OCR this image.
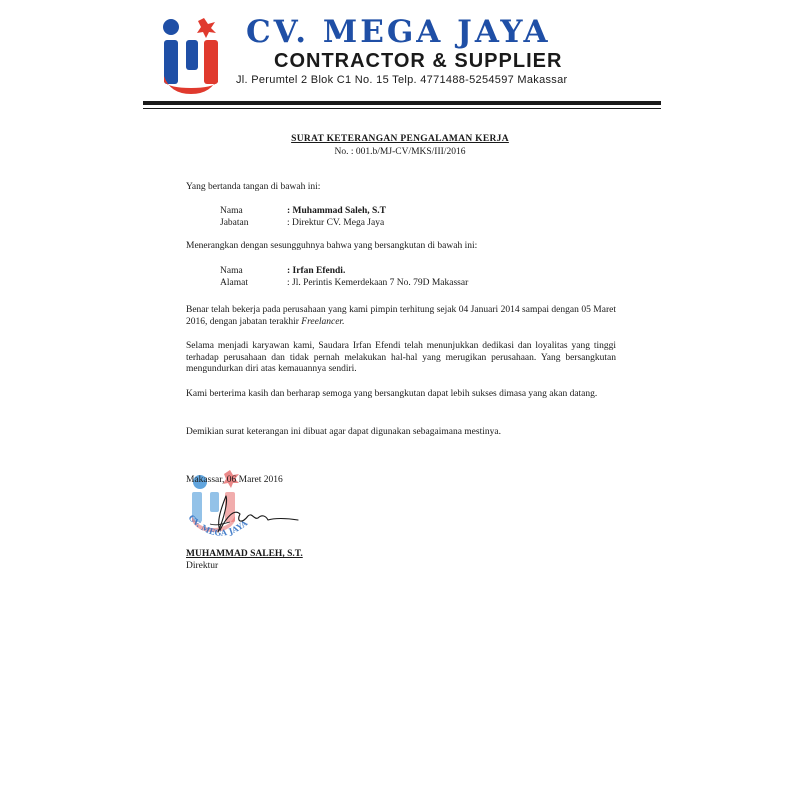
CV. MEGA JAYA
CONTRACTOR & SUPPLIER
Jl. Perumtel 2 Blok C1 No. 15 Telp. 4771488-5254597 Makassar
SURAT KETERANGAN PENGALAMAN KERJA
No. : 001.b/MJ-CV/MKS/III/2016
Yang bertanda tangan di bawah ini:
Nama	: Muhammad Saleh, S.T
Jabatan	: Direktur CV. Mega Jaya
Menerangkan dengan sesungguhnya bahwa yang bersangkutan di bawah ini:
Nama	: Irfan Efendi.
Alamat	: Jl. Perintis Kemerdekaan 7 No. 79D Makassar
Benar telah bekerja pada perusahaan yang kami pimpin terhitung sejak 04 Januari 2014 sampai dengan 05 Maret 2016, dengan jabatan terakhir Freelancer.
Selama menjadi karyawan kami, Saudara Irfan Efendi telah menunjukkan dedikasi dan loyalitas yang tinggi terhadap perusahaan dan tidak pernah melakukan hal-hal yang merugikan perusahaan. Yang bersangkutan mengundurkan diri atas kemauannya sendiri.
Kami berterima kasih dan berharap semoga yang bersangkutan dapat lebih sukses dimasa yang akan datang.
Demikian surat keterangan ini dibuat agar dapat digunakan sebagaimana mestinya.
CV. MEGA JAYA
Makassar, 06 Maret 2016
MUHAMMAD SALEH, S.T.
Direktur
